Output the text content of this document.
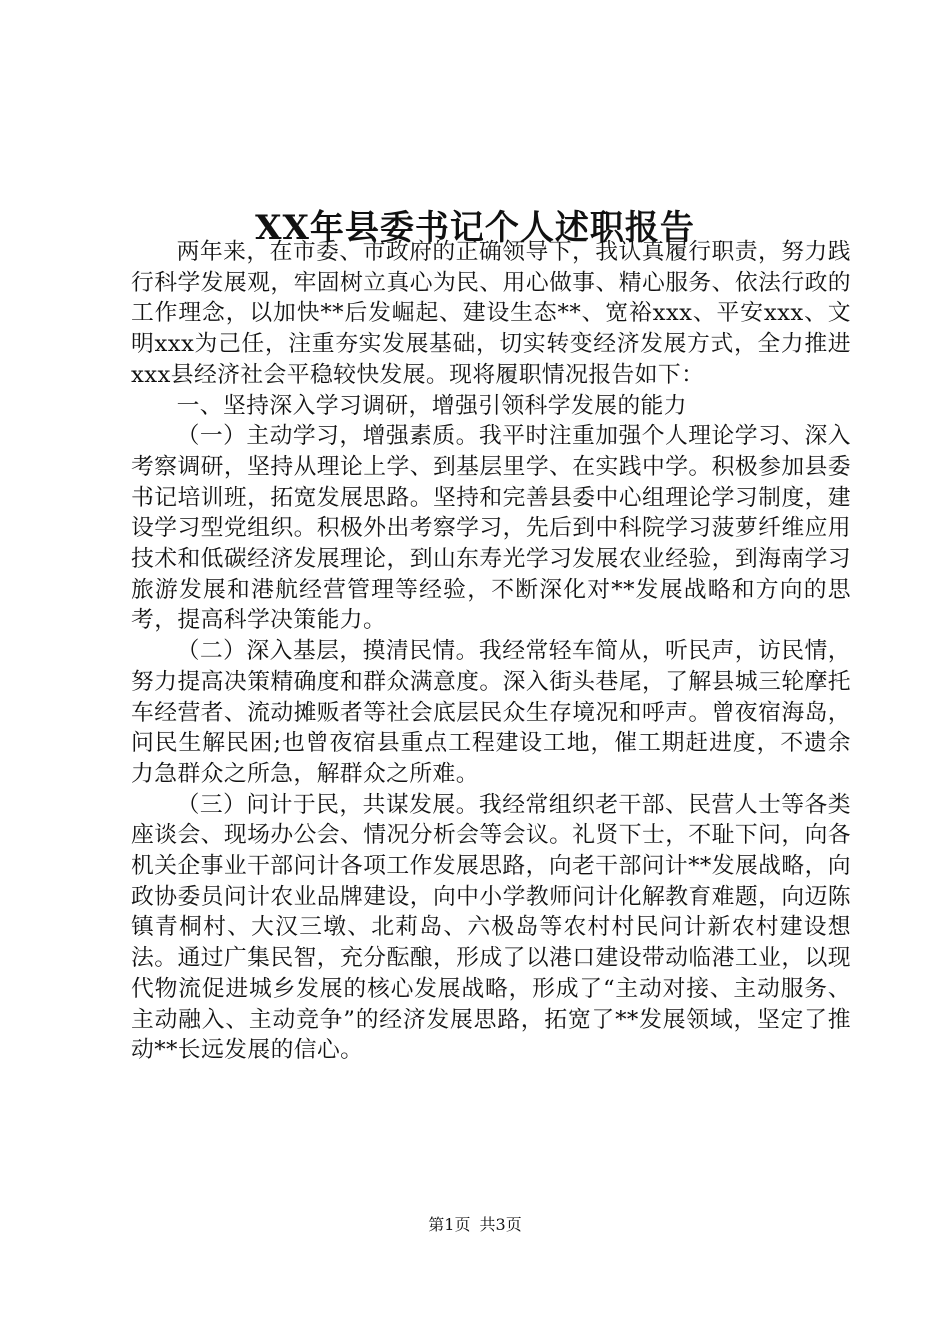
XX年县委书记个人述职报告

两年来，在市委、市政府的正确领导下，我认真履行职责，努力践行科学发展观，牢固树立真心为民、用心做事、精心服务、依法行政的工作理念，以加快**后发崛起、建设生态**、宽裕xxx、平安xxx、文明xxx为己任，注重夯实发展基础，切实转变经济发展方式，全力推进xxx县经济社会平稳较快发展。现将履职情况报告如下：

一、坚持深入学习调研，增强引领科学发展的能力

（一）主动学习，增强素质。我平时注重加强个人理论学习、深入考察调研，坚持从理论上学、到基层里学、在实践中学。积极参加县委书记培训班，拓宽发展思路。坚持和完善县委中心组理论学习制度，建设学习型党组织。积极外出考察学习，先后到中科院学习菠萝纤维应用技术和低碳经济发展理论，到山东寿光学习发展农业经验，到海南学习旅游发展和港航经营管理等经验，不断深化对**发展战略和方向的思考，提高科学决策能力。

（二）深入基层，摸清民情。我经常轻车简从，听民声，访民情，努力提高决策精确度和群众满意度。深入街头巷尾，了解县城三轮摩托车经营者、流动摊贩者等社会底层民众生存境况和呼声。曾夜宿海岛，问民生解民困;也曾夜宿县重点工程建设工地，催工期赶进度，不遗余力急群众之所急，解群众之所难。

（三）问计于民，共谋发展。我经常组织老干部、民营人士等各类座谈会、现场办公会、情况分析会等会议。礼贤下士，不耻下问，向各机关企事业干部问计各项工作发展思路，向老干部问计**发展战略，向政协委员问计农业品牌建设，向中小学教师问计化解教育难题，向迈陈镇青桐村、大汉三墩、北莉岛、六极岛等农村村民问计新农村建设想法。通过广集民智，充分酝酿，形成了以港口建设带动临港工业，以现代物流促进城乡发展的核心发展战略，形成了“主动对接、主动服务、主动融入、主动竞争”的经济发展思路，拓宽了**发展领域，坚定了推动**长远发展的信心。

第1页 共3页
